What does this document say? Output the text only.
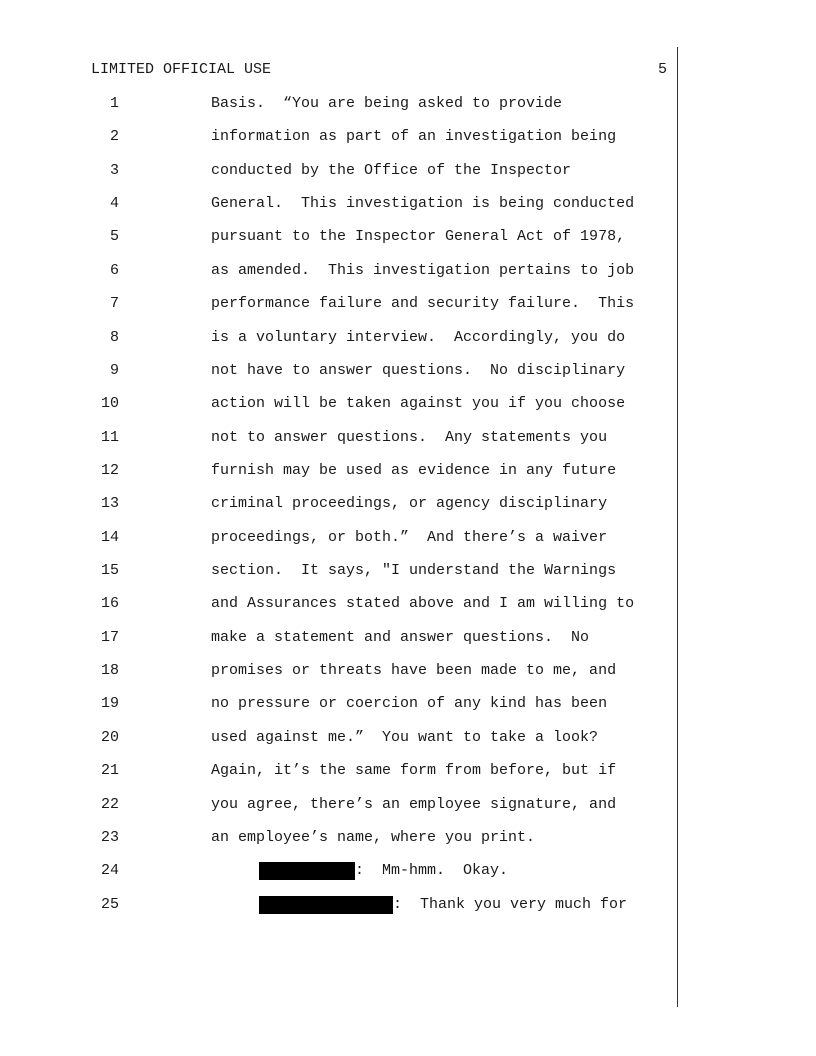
LIMITED OFFICIAL USE	5
1	Basis.  “You are being asked to provide
2	information as part of an investigation being
3	conducted by the Office of the Inspector
4	General.  This investigation is being conducted
5	pursuant to the Inspector General Act of 1978,
6	as amended.  This investigation pertains to job
7	performance failure and security failure.  This
8	is a voluntary interview.  Accordingly, you do
9	not have to answer questions.  No disciplinary
10	action will be taken against you if you choose
11	not to answer questions.  Any statements you
12	furnish may be used as evidence in any future
13	criminal proceedings, or agency disciplinary
14	proceedings, or both.”  And there’s a waiver
15	section.  It says, "I understand the Warnings
16	and Assurances stated above and I am willing to
17	make a statement and answer questions.  No
18	promises or threats have been made to me, and
19	no pressure or coercion of any kind has been
20	used against me.”  You want to take a look?
21	Again, it’s the same form from before, but if
22	you agree, there’s an employee signature, and
23	an employee’s name, where you print.
24	:  Mm-hmm.  Okay.
25	:  Thank you very much for
